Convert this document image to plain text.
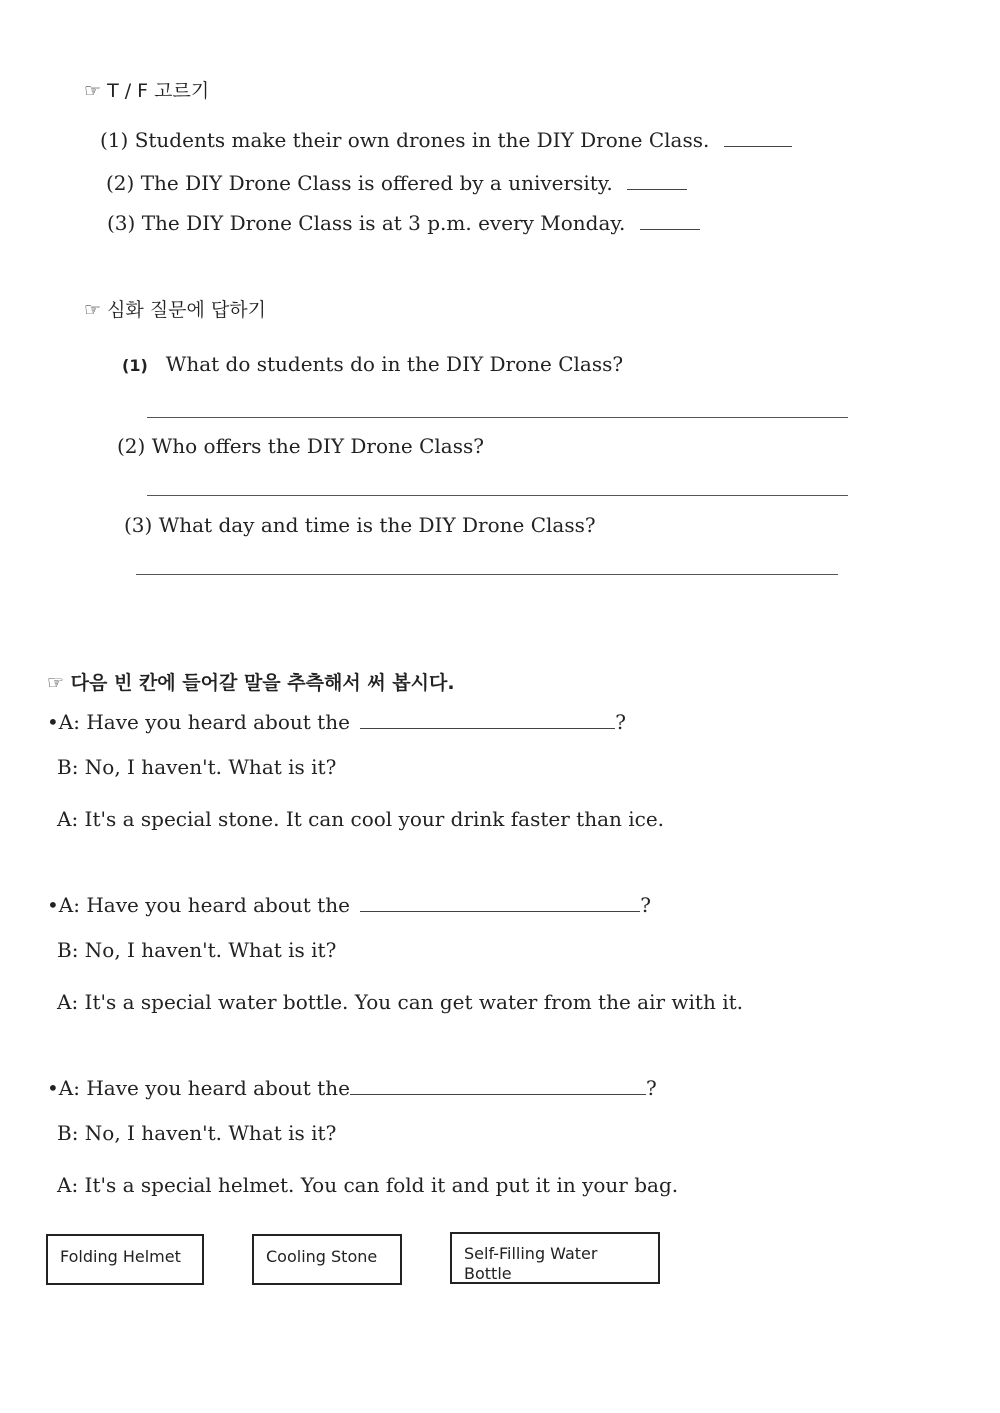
☞ T / F 고르기
(1) Students make their own drones in the DIY Drone Class.
(2) The DIY Drone Class is offered by a university.
(3) The DIY Drone Class is at 3 p.m. every Monday.
☞ 심화 질문에 답하기
(1) What do students do in the DIY Drone Class?
(2) Who offers the DIY Drone Class?
(3) What day and time is the DIY Drone Class?
☞ 다음 빈 칸에 들어갈 말을 추측해서 써 봅시다.
•A: Have you heard about the	?
B: No, I haven't. What is it?
A: It's a special stone. It can cool your drink faster than ice.
•A: Have you heard about the	?
B: No, I haven't. What is it?
A: It's a special water bottle. You can get water from the air with it.
•A: Have you heard about the	?
B: No, I haven't. What is it?
A: It's a special helmet. You can fold it and put it in your bag.
Folding Helmet	Cooling Stone	Self-Filling Water Bottle
